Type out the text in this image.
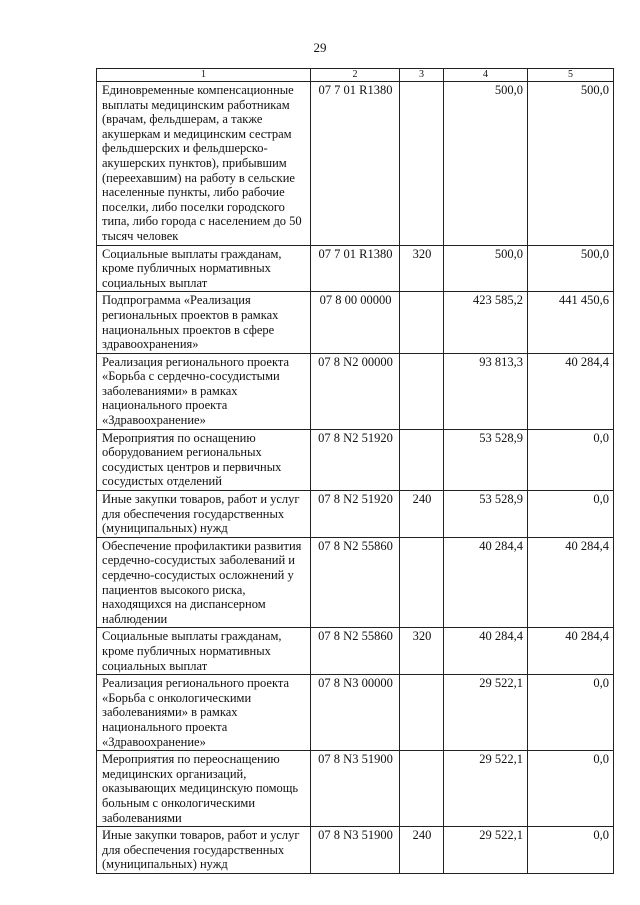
29
1	2	3	4	5
Единовременные компенсационные выплаты медицинским работникам (врачам, фельдшерам, а также акушеркам и медицинским сестрам фельдшерских и фельдшерско-акушерских пунктов), прибывшим (переехавшим) на работу в сельские населенные пункты, либо рабочие поселки, либо поселки городского типа, либо города с населением до 50 тысяч человек	07 7 01 R1380		500,0	500,0
Социальные выплаты гражданам, кроме публичных нормативных социальных выплат	07 7 01 R1380	320	500,0	500,0
Подпрограмма «Реализация региональных проектов в рамках национальных проектов в сфере здравоохранения»	07 8 00 00000		423 585,2	441 450,6
Реализация регионального проекта «Борьба с сердечно-сосудистыми заболеваниями» в рамках национального проекта «Здравоохранение»	07 8 N2 00000		93 813,3	40 284,4
Мероприятия по оснащению оборудованием региональных сосудистых центров и первичных сосудистых отделений	07 8 N2 51920		53 528,9	0,0
Иные закупки товаров, работ и услуг для обеспечения государственных (муниципальных) нужд	07 8 N2 51920	240	53 528,9	0,0
Обеспечение профилактики развития сердечно-сосудистых заболеваний и сердечно-сосудистых осложнений у пациентов высокого риска, находящихся на диспансерном наблюдении	07 8 N2 55860		40 284,4	40 284,4
Социальные выплаты гражданам, кроме публичных нормативных социальных выплат	07 8 N2 55860	320	40 284,4	40 284,4
Реализация регионального проекта «Борьба с онкологическими заболеваниями» в рамках национального проекта «Здравоохранение»	07 8 N3 00000		29 522,1	0,0
Мероприятия по переоснащению медицинских организаций, оказывающих медицинскую помощь больным с онкологическими заболеваниями	07 8 N3 51900		29 522,1	0,0
Иные закупки товаров, работ и услуг для обеспечения государственных (муниципальных) нужд	07 8 N3 51900	240	29 522,1	0,0
